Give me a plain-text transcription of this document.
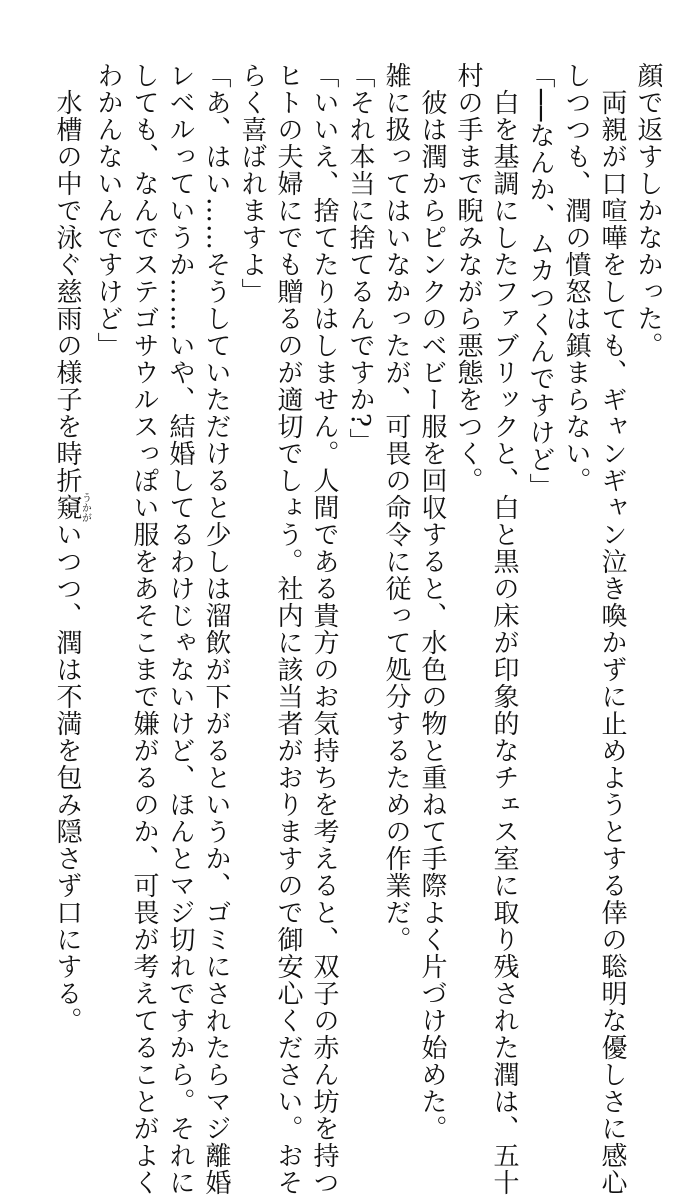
顔で返すしかなかった。
　両親が口喧嘩をしても、ギャンギャン泣き喚かずに止めようとする倖の聡明な優しさに感心
しつつも、潤の憤怒は鎮まらない。
「──なんか、ムカつくんですけど」
　白を基調にしたファブリックと、白と黒の床が印象的なチェス室に取り残された潤は、五十
村の手まで睨みながら悪態をつく。
　彼は潤からピンクのベビー服を回収すると、水色の物と重ねて手際よく片づけ始めた。
雑に扱ってはいなかったが、可畏の命令に従って処分するための作業だ。
「それ本当に捨てるんですか?」
「いいえ、捨てたりはしません。人間である貴方のお気持ちを考えると、双子の赤ん坊を持つ
ヒトの夫婦にでも贈るのが適切でしょう。社内に該当者がおりますので御安心ください。おそ
らく喜ばれますよ」
「あ、はい……そうしていただけると少しは溜飲が下がるというか、ゴミにされたらマジ離婚
レベルっていうか……いや、結婚してるわけじゃないけど、ほんとマジ切れですから。それに
しても、なんでステゴサウルスっぽい服をあそこまで嫌がるのか、可畏が考えてることがよく
わかんないんですけど」
　水槽の中で泳ぐ慈雨の様子を時折窺うかがいつつ、潤は不満を包み隠さず口にする。
